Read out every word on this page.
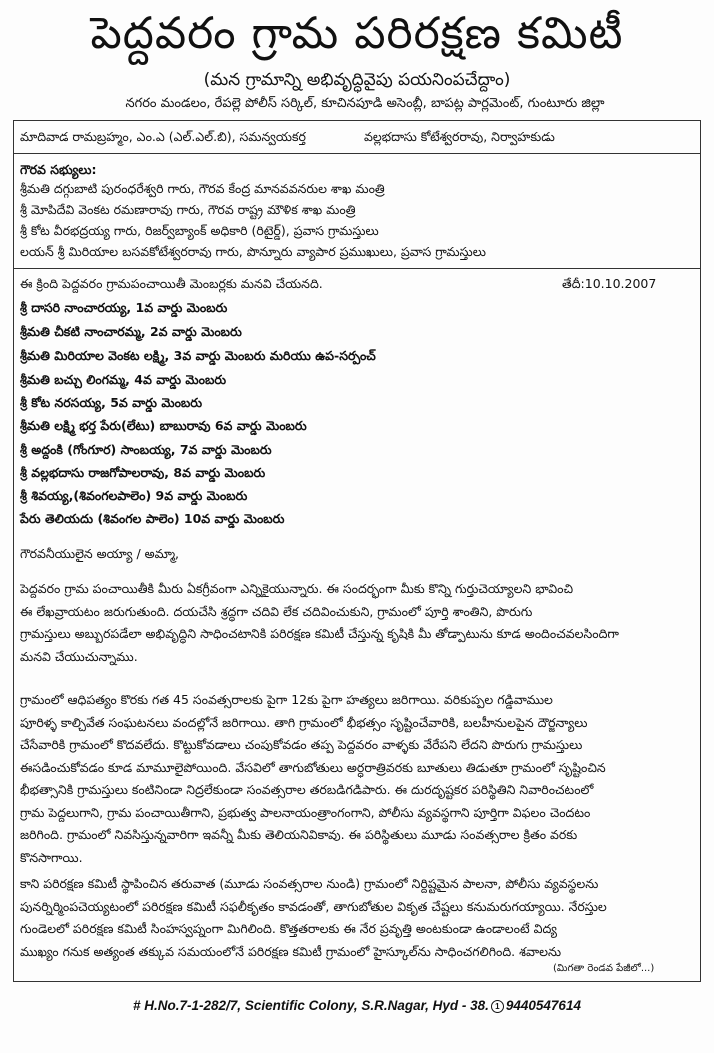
పెద్దవరం గ్రామ పరిరక్షణ కమిటీ
(మన గ్రామాన్ని అభివృద్ధివైపు పయనింపచేద్దాం)
నగరం మండలం, రేపల్లె పోలీస్ సర్కిల్, కూచినపూడి అసెంబ్లీ, బాపట్ల పార్లమెంట్, గుంటూరు జిల్లా
మాదివాడ రామబ్రహ్మం, ఎం.ఎ (ఎల్.ఎల్.బి), సమన్వయకర్త	వల్లభదాసు కోటేశ్వరరావు, నిర్వాహకుడు
గౌరవ సభ్యులు:
శ్రీమతి దగ్గుబాటి పురంధరేశ్వరి గారు, గౌరవ కేంద్ర మానవవనరుల శాఖ మంత్రి
శ్రీ మోపిదేవి వెంకట రమణారావు గారు, గౌరవ రాష్ట్ర మౌళిక శాఖ మంత్రి
శ్రీ కోట వీరభద్రయ్య గారు, రిజర్వ్‌బ్యాంక్ అధికారి (రిటైర్డ్), ప్రవాస గ్రామస్తులు
లయన్ శ్రీ మిరియాల బసవకోటేశ్వరరావు గారు, పొన్నూరు వ్యాపార ప్రముఖులు, ప్రవాస గ్రామస్తులు
ఈ క్రింది పెద్దవరం గ్రామపంచాయితీ మెంబర్లకు మనవి చేయనది.	తేదీ:10.10.2007
శ్రీ దాసరి నాంచారయ్య, 1వ వార్డు మెంబరు
శ్రీమతి చీకటి నాంచారమ్మ, 2వ వార్డు మెంబరు
శ్రీమతి మిరియాల వెంకట లక్ష్మి, 3వ వార్డు మెంబరు మరియు ఉప-సర్పంచ్
శ్రీమతి బచ్చు లింగమ్మ, 4వ వార్డు మెంబరు
శ్రీ కోట నరసయ్య, 5వ వార్డు మెంబరు
శ్రీమతి లక్ష్మి భర్త పేరు(లేటు) బాబురావు 6వ వార్డు మెంబరు
శ్రీ అద్దంకి (గోంగూర) సాంబయ్య, 7వ వార్డు మెంబరు
శ్రీ వల్లభదాసు రాజగోపాలరావు, 8వ వార్డు మెంబరు
శ్రీ శివయ్య,(శివంగలపాలెం) 9వ వార్డు మెంబరు
పేరు తెలియదు (శివంగల పాలెం) 10వ వార్డు మెంబరు
గౌరవనీయులైన అయ్యా / అమ్మా,
పెద్దవరం గ్రామ పంచాయితీకి మీరు ఏకగ్రీవంగా ఎన్నికైయున్నారు. ఈ సందర్భంగా మీకు కొన్ని గుర్తుచెయ్యాలని భావించి
ఈ లేఖవ్రాయటం జరుగుతుంది. దయచేసి శ్రద్ధగా చదివి లేక చదివించుకుని, గ్రామంలో పూర్తి శాంతిని, పొరుగు
గ్రామస్తులు అబ్బురపడేలా అభివృద్ధిని సాధించటానికి పరిరక్షణ కమిటీ చేస్తున్న కృషికి మీ తోడ్పాటును కూడ అందించవలసిందిగా
మనవి చేయుచున్నాము.
గ్రామంలో ఆధిపత్యం కొరకు గత 45 సంవత్సరాలకు పైగా 12కు పైగా హత్యలు జరిగాయి. వరికుప్పల గడ్డివాముల
పూరిళ్ళ కాల్చివేత సంఘటనలు వందల్లోనే జరిగాయి. తాగి గ్రామంలో భీభత్సం సృష్టించేవారికి, బలహీనులపైన దౌర్జన్యాలు
చేసేవారికి గ్రామంలో కొదవలేదు. కొట్టుకోవడాలు చంపుకోవడం తప్ప పెద్దవరం వాళ్ళకు వేరేపని లేదని పొరుగు గ్రామస్తులు
ఈసడించుకోవడం కూడ మామూలైపోయింది. వేసవిలో తాగుబోతులు అర్ధరాత్రివరకు బూతులు తిడుతూ గ్రామంలో సృష్టించిన
భీభత్సానికి గ్రామస్తులు కంటినిండా నిద్రలేకుండా సంవత్సరాల తరబడిగడిపారు. ఈ దురదృష్టకర పరిస్థితిని నివారించటంలో
గ్రామ పెద్దలుగాని, గ్రామ పంచాయితీగాని, ప్రభుత్వ పాలనాయంత్రాంగంగాని, పోలీసు వ్యవస్థగాని పూర్తిగా విఫలం చెందటం
జరిగింది. గ్రామంలో నివసిస్తున్నవారిగా ఇవన్నీ మీకు తెలియనివికావు. ఈ పరిస్థితులు మూడు సంవత్సరాల క్రితం వరకు
కొనసాగాయి.
కాని పరిరక్షణ కమిటీ స్థాపించిన తరువాత (మూడు సంవత్సరాల నుండి) గ్రామంలో నిర్దిష్టమైన పాలనా, పోలీసు వ్యవస్థలను
పునర్నిర్మింపచెయ్యటంలో పరిరక్షణ కమిటీ సఫలీకృతం కావడంతో, తాగుబోతుల వికృత చేష్టలు కనుమరుగయ్యాయి. నేరస్తుల
గుండెలలో పరిరక్షణ కమిటీ సింహస్వప్నంగా మిగిలింది. కొత్తతరాలకు ఈ నేర ప్రవృత్తి అంటకుండా ఉండాలంటే విద్య
ముఖ్యం గనుక అత్యంత తక్కువ సమయంలోనే పరిరక్షణ కమిటీ గ్రామంలో హైస్కూల్‌ను సాధించగలిగింది. శవాలను
(మిగతా రెండవ పేజీలో...)
# H.No.7-1-282/7, Scientific Colony, S.R.Nagar, Hyd - 38. 1 9440547614
